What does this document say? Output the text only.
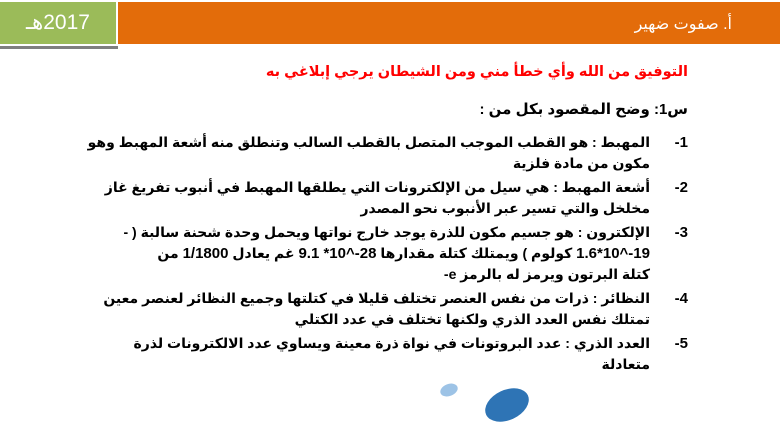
2017هـ	أ. صفوت ضهير

التوفيق من الله وأي خطأ مني ومن الشيطان يرجي إبلاغي به

س1: وضح المقصود بكل من :

-1
المهبط : هو القطب الموجب المتصل بالقطب السالب وتنطلق منه أشعة المهبط وهو
مكون من مادة فلزية
-2
أشعة المهبط : هي سيل من الإلكترونات التي يطلقها المهبط في أنبوب تفريغ غاز
مخلخل والتي تسير عبر الأنبوب نحو المصدر
-3
الإلكترون : هو جسيم مكون للذرة يوجد خارج نواتها ويحمل وحدة شحنة سالبة ( -
1.6*10^-19 كولوم ) ويمتلك كتلة مقدارها 9.1 *10^-28 غم يعادل 1/1800 من
كتلة البرتون ويرمز له بالرمز e-
-4
النظائر : ذرات من نفس العنصر تختلف قليلا في كتلتها وجميع النظائر لعنصر معين
تمتلك نفس العدد الذري ولكنها تختلف في عدد الكتلي
-5
العدد الذري : عدد البروتونات في نواة ذرة معينة ويساوي عدد الالكترونات لذرة
متعادلة
